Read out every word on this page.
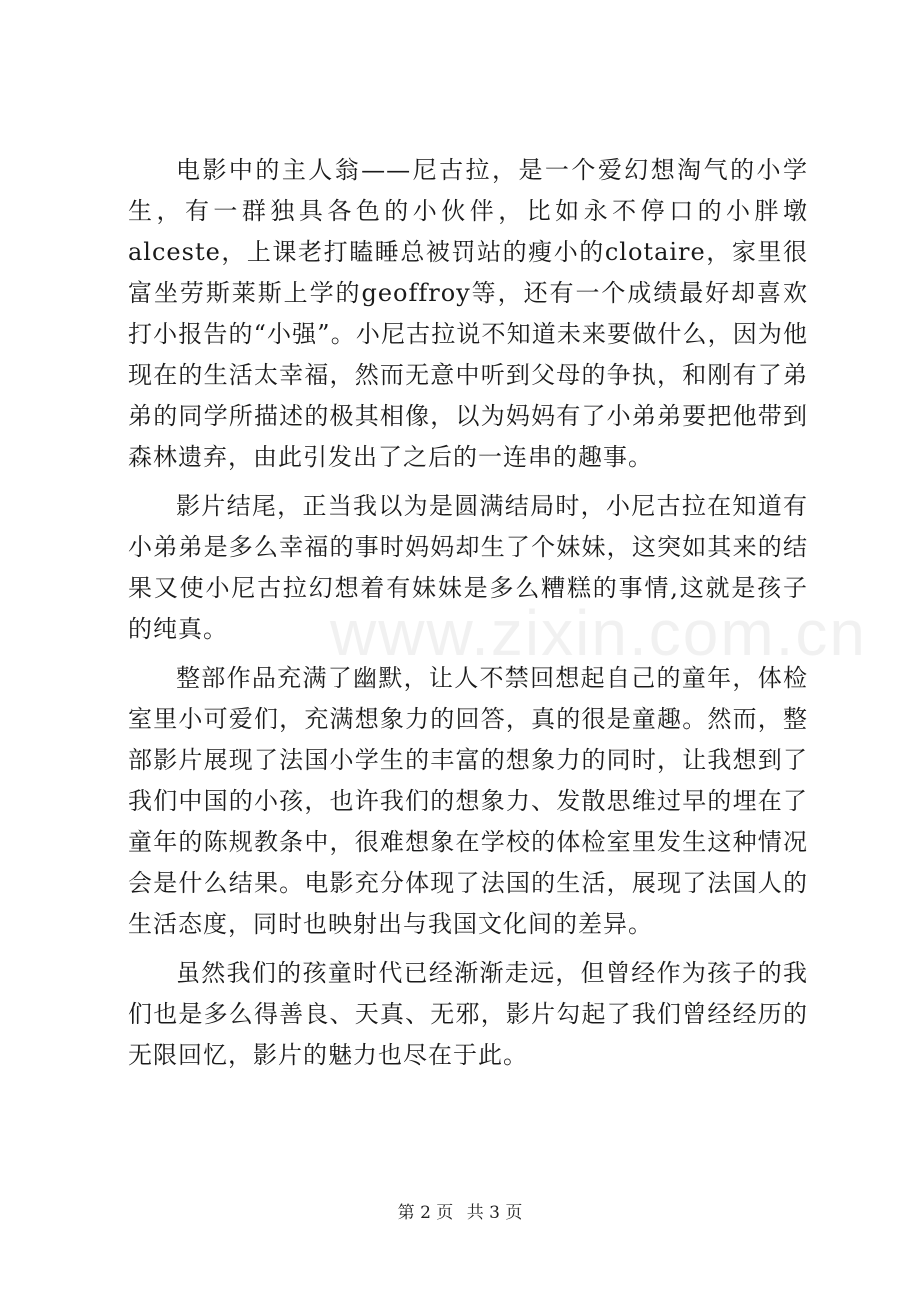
www.zixin.com.cn

电影中的主人翁——尼古拉，是一个爱幻想淘气的小学生，有一群独具各色的小伙伴，比如永不停口的小胖墩alceste，上课老打瞌睡总被罚站的瘦小的clotaire，家里很富坐劳斯莱斯上学的geoffroy等，还有一个成绩最好却喜欢打小报告的“小强”。小尼古拉说不知道未来要做什么，因为他现在的生活太幸福，然而无意中听到父母的争执，和刚有了弟弟的同学所描述的极其相像，以为妈妈有了小弟弟要把他带到森林遗弃，由此引发出了之后的一连串的趣事。

影片结尾，正当我以为是圆满结局时，小尼古拉在知道有小弟弟是多么幸福的事时妈妈却生了个妹妹，这突如其来的结果又使小尼古拉幻想着有妹妹是多么糟糕的事情,这就是孩子的纯真。

整部作品充满了幽默，让人不禁回想起自己的童年，体检室里小可爱们，充满想象力的回答，真的很是童趣。然而，整部影片展现了法国小学生的丰富的想象力的同时，让我想到了我们中国的小孩，也许我们的想象力、发散思维过早的埋在了童年的陈规教条中，很难想象在学校的体检室里发生这种情况会是什么结果。电影充分体现了法国的生活，展现了法国人的生活态度，同时也映射出与我国文化间的差异。

虽然我们的孩童时代已经渐渐走远，但曾经作为孩子的我们也是多么得善良、天真、无邪，影片勾起了我们曾经经历的无限回忆，影片的魅力也尽在于此。

第 2 页 共 3 页
